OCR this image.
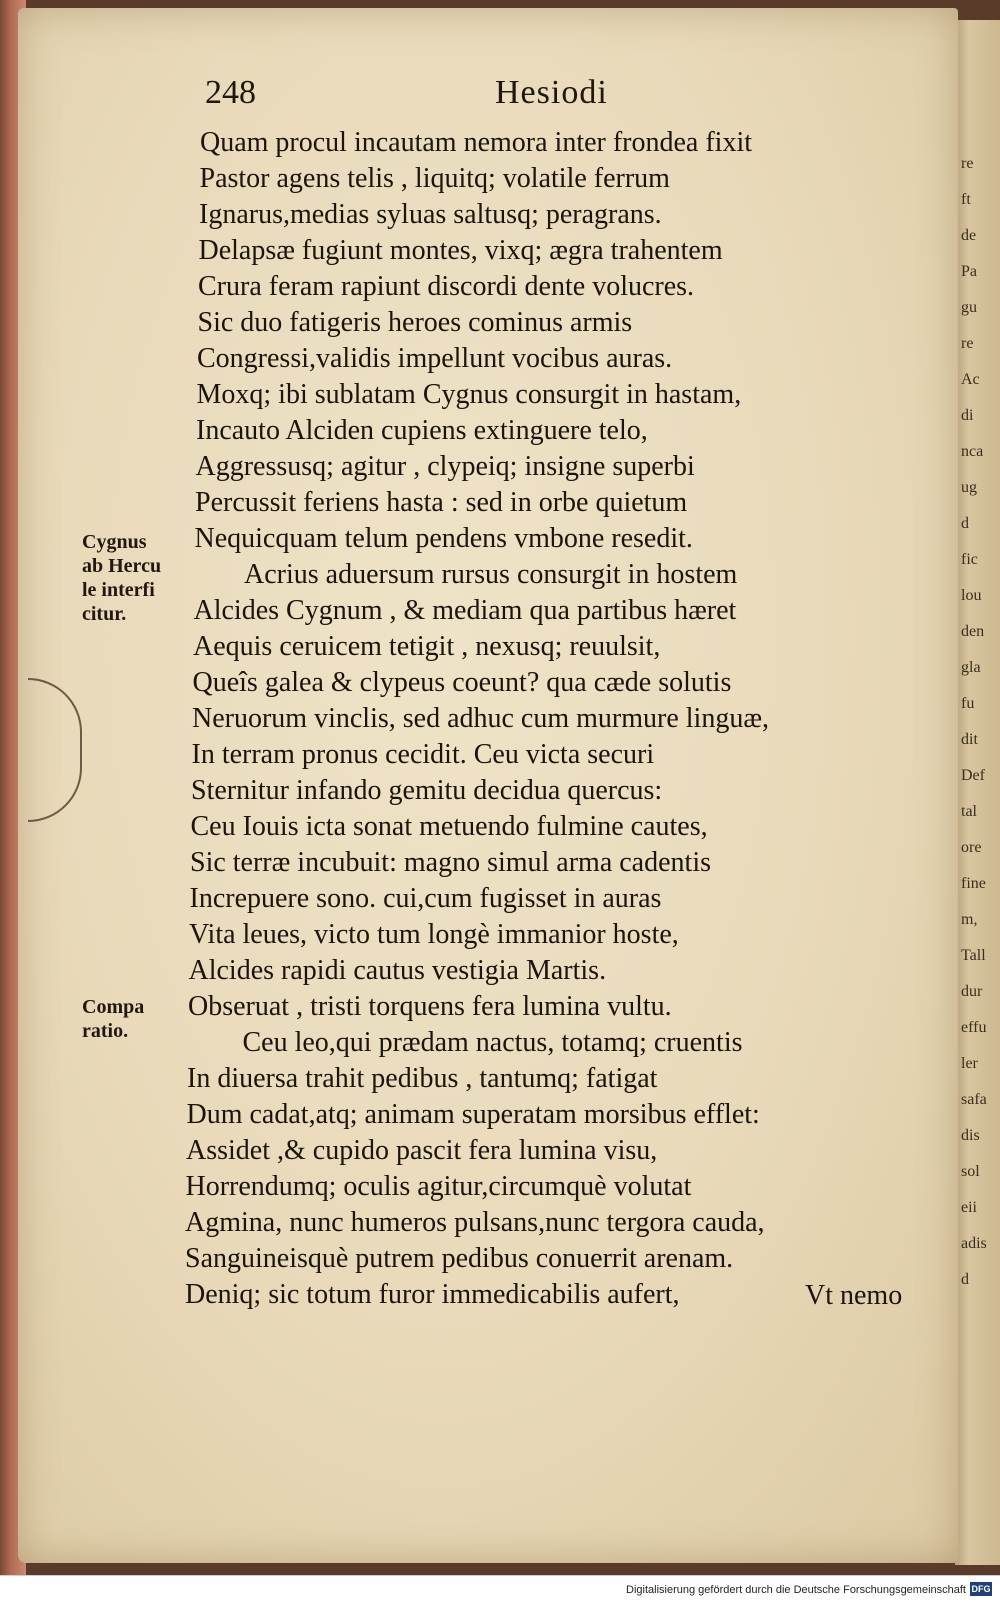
re
ft
de
Pa
gu
re
Ac
di
nca
ug
d
fic
lou
den
gla
fu
dit
Def
tal
ore
fine
m,
Tall
dur
effu
ler
safa
dis
sol
eii
adis
d
248	Hesiodi
Quam procul incautam nemora inter frondea fixit
Pastor agens telis , liquitq; volatile ferrum
Ignarus,medias syluas saltusq; peragrans.
Delapsæ fugiunt montes, vixq; ægra trahentem
Crura feram rapiunt discordi dente volucres.
Sic duo fatigeris heroes cominus armis
Congressi,validis impellunt vocibus auras.
Moxq; ibi sublatam Cygnus consurgit in hastam,
Incauto Alciden cupiens extinguere telo,
Aggressusq; agitur , clypeiq; insigne superbi
Percussit feriens hasta : sed in orbe quietum
Nequicquam telum pendens vmbone resedit.
Acrius aduersum rursus consurgit in hostem
Alcides Cygnum , & mediam qua partibus hæret
Aequis ceruicem tetigit , nexusq; reuulsit,
Queîs galea & clypeus coeunt? qua cæde solutis
Neruorum vinclis, sed adhuc cum murmure linguæ,
In terram pronus cecidit. Ceu victa securi
Sternitur infando gemitu decidua quercus:
Ceu Iouis icta sonat metuendo fulmine cautes,
Sic terræ incubuit: magno simul arma cadentis
Increpuere sono. cui,cum fugisset in auras
Vita leues, victo tum longè immanior hoste,
Alcides rapidi cautus vestigia Martis.
Obseruat , tristi torquens fera lumina vultu.
Ceu leo,qui prædam nactus, totamq; cruentis
In diuersa trahit pedibus , tantumq; fatigat
Dum cadat,atq; animam superatam morsibus efflet:
Assidet ,& cupido pascit fera lumina visu,
Horrendumq; oculis agitur,circumquè volutat
Agmina, nunc humeros pulsans,nunc tergora cauda,
Sanguineisquè putrem pedibus conuerrit arenam.
Deniq; sic totum furor immedicabilis aufert,
Cygnus
ab Hercu
le interfi
citur.
Compa
ratio.
Vt nemo
Digitalisierung gefördert durch die Deutsche Forschungsgemeinschaft DFG
